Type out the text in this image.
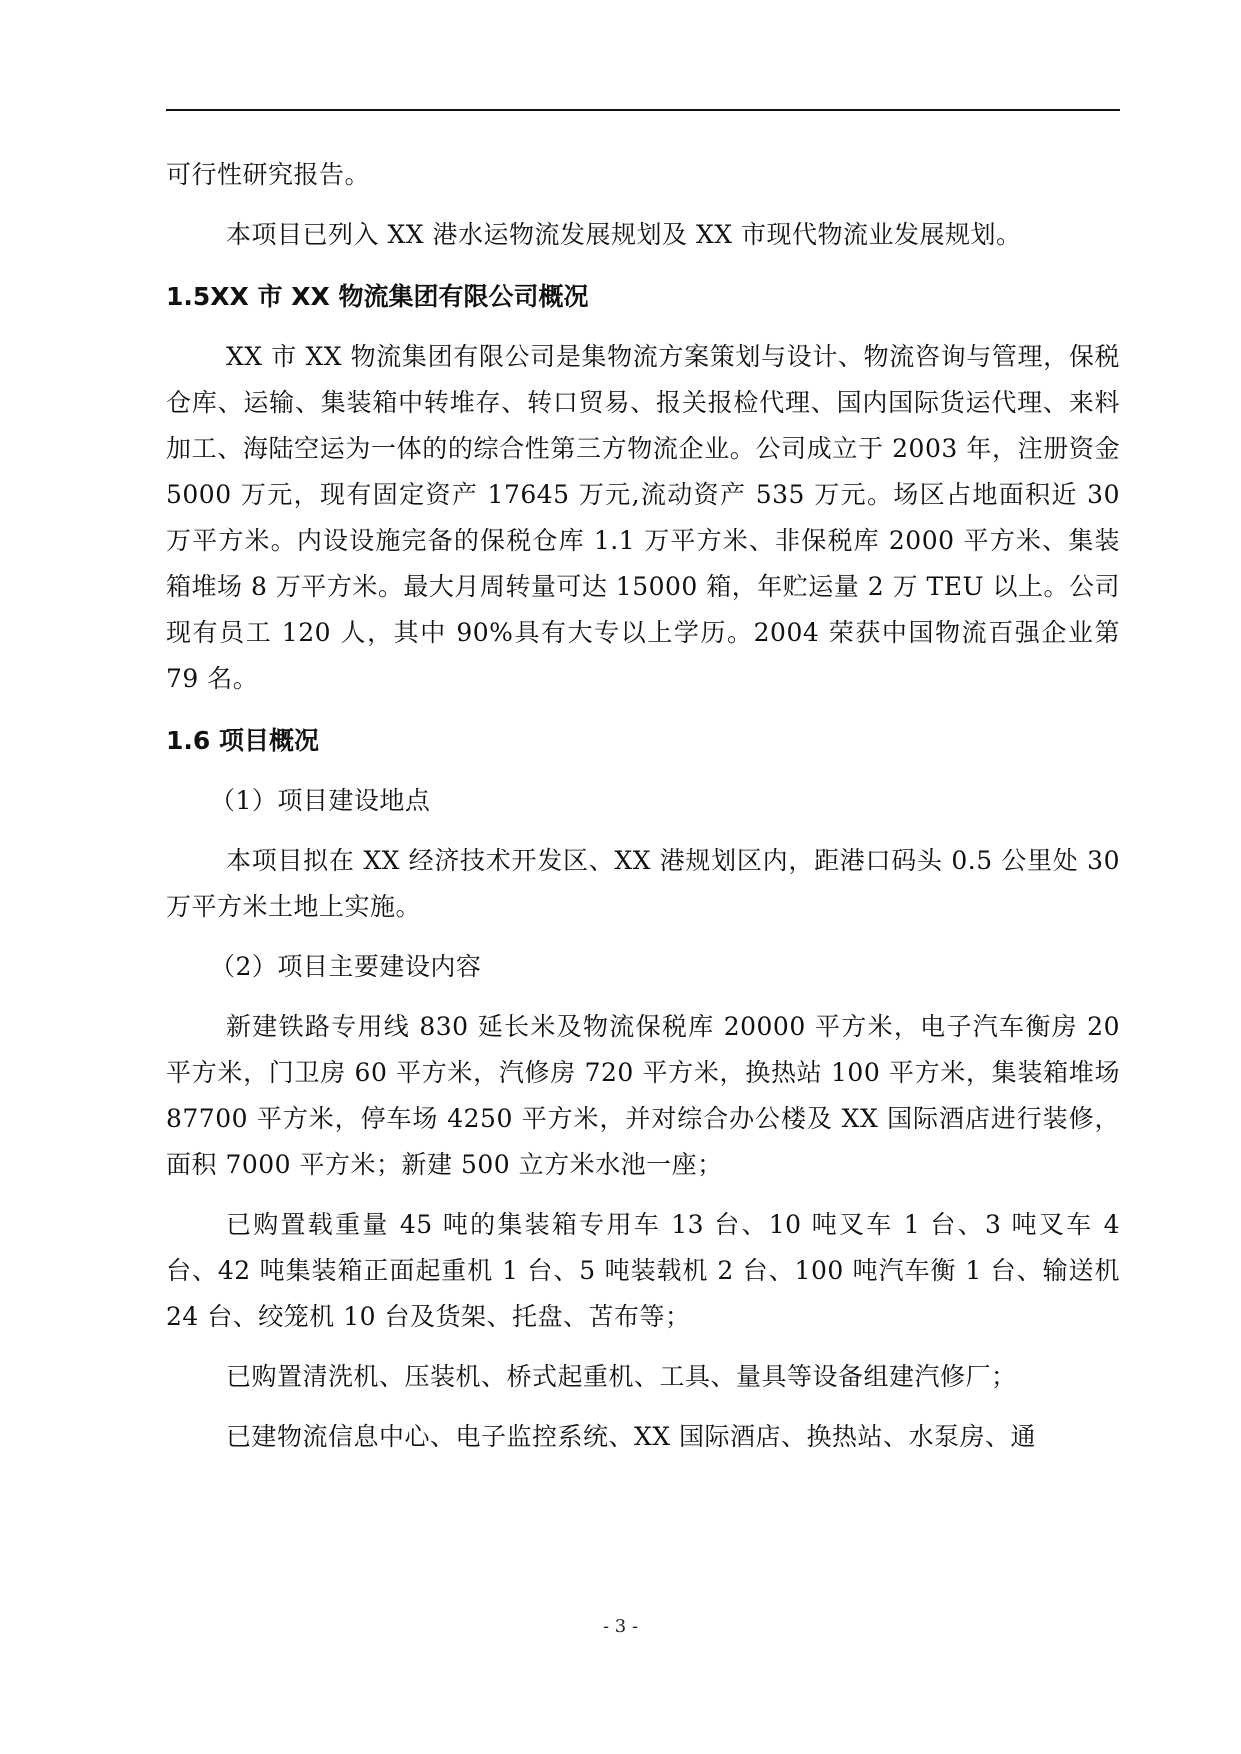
可行性研究报告。

本项目已列入 XX 港水运物流发展规划及 XX 市现代物流业发展规划。

1.5XX 市 XX 物流集团有限公司概况

XX 市 XX 物流集团有限公司是集物流方案策划与设计、物流咨询与管理，保税仓库、运输、集装箱中转堆存、转口贸易、报关报检代理、国内国际货运代理、来料加工、海陆空运为一体的的综合性第三方物流企业。公司成立于 2003 年，注册资金 5000 万元，现有固定资产 17645 万元,流动资产 535 万元。场区占地面积近 30 万平方米。内设设施完备的保税仓库 1.1 万平方米、非保税库 2000 平方米、集装箱堆场 8 万平方米。最大月周转量可达 15000 箱，年贮运量 2 万 TEU 以上。公司现有员工 120 人，其中 90%具有大专以上学历。2004 荣获中国物流百强企业第 79 名。

1.6 项目概况

（1）项目建设地点

本项目拟在 XX 经济技术开发区、XX 港规划区内，距港口码头 0.5 公里处 30 万平方米土地上实施。

（2）项目主要建设内容

新建铁路专用线 830 延长米及物流保税库 20000 平方米，电子汽车衡房 20 平方米，门卫房 60 平方米，汽修房 720 平方米，换热站 100 平方米，集装箱堆场 87700 平方米，停车场 4250 平方米，并对综合办公楼及 XX 国际酒店进行装修，面积 7000 平方米；新建 500 立方米水池一座；

已购置载重量 45 吨的集装箱专用车 13 台、10 吨叉车 1 台、3 吨叉车 4 台、42 吨集装箱正面起重机 1 台、5 吨装载机 2 台、100 吨汽车衡 1 台、输送机 24 台、绞笼机 10 台及货架、托盘、苫布等；

已购置清洗机、压装机、桥式起重机、工具、量具等设备组建汽修厂；

已建物流信息中心、电子监控系统、XX 国际酒店、换热站、水泵房、通

- 3 -
